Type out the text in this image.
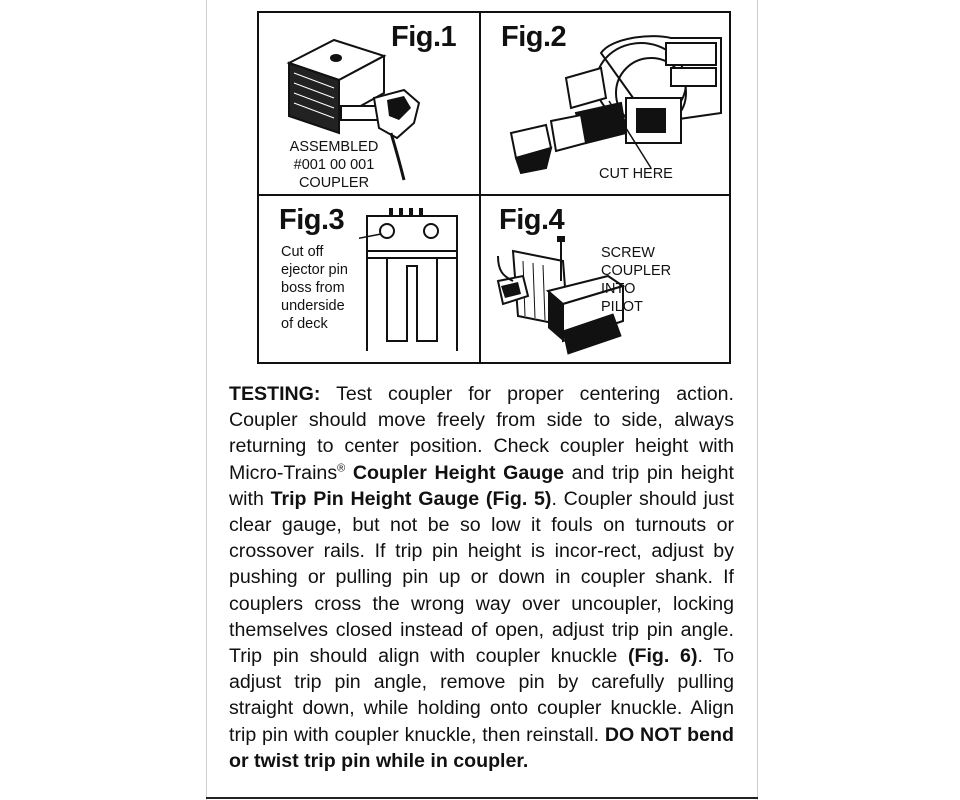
Fig.1
ASSEMBLED
#001 00 001
COUPLER
Fig.2
CUT HERE
Fig.3
Cut off
ejector pin
boss from
underside
of deck
Fig.4
SCREW
COUPLER
INTO
PILOT

TESTING: Test coupler for proper centering action. Coupler should move freely from side to side, always returning to center position. Check coupler height with Micro-Trains® Coupler Height Gauge and trip pin height with Trip Pin Height Gauge (Fig. 5). Coupler should just clear gauge, but not be so low it fouls on turnouts or crossover rails. If trip pin height is incor-rect, adjust by pushing or pulling pin up or down in coupler shank. If couplers cross the wrong way over uncoupler, locking themselves closed instead of open, adjust trip pin angle. Trip pin should align with coupler knuckle (Fig. 6). To adjust trip pin angle, remove pin by carefully pulling straight down, while holding onto coupler knuckle. Align trip pin with coupler knuckle, then reinstall. DO NOT bend or twist trip pin while in coupler.
